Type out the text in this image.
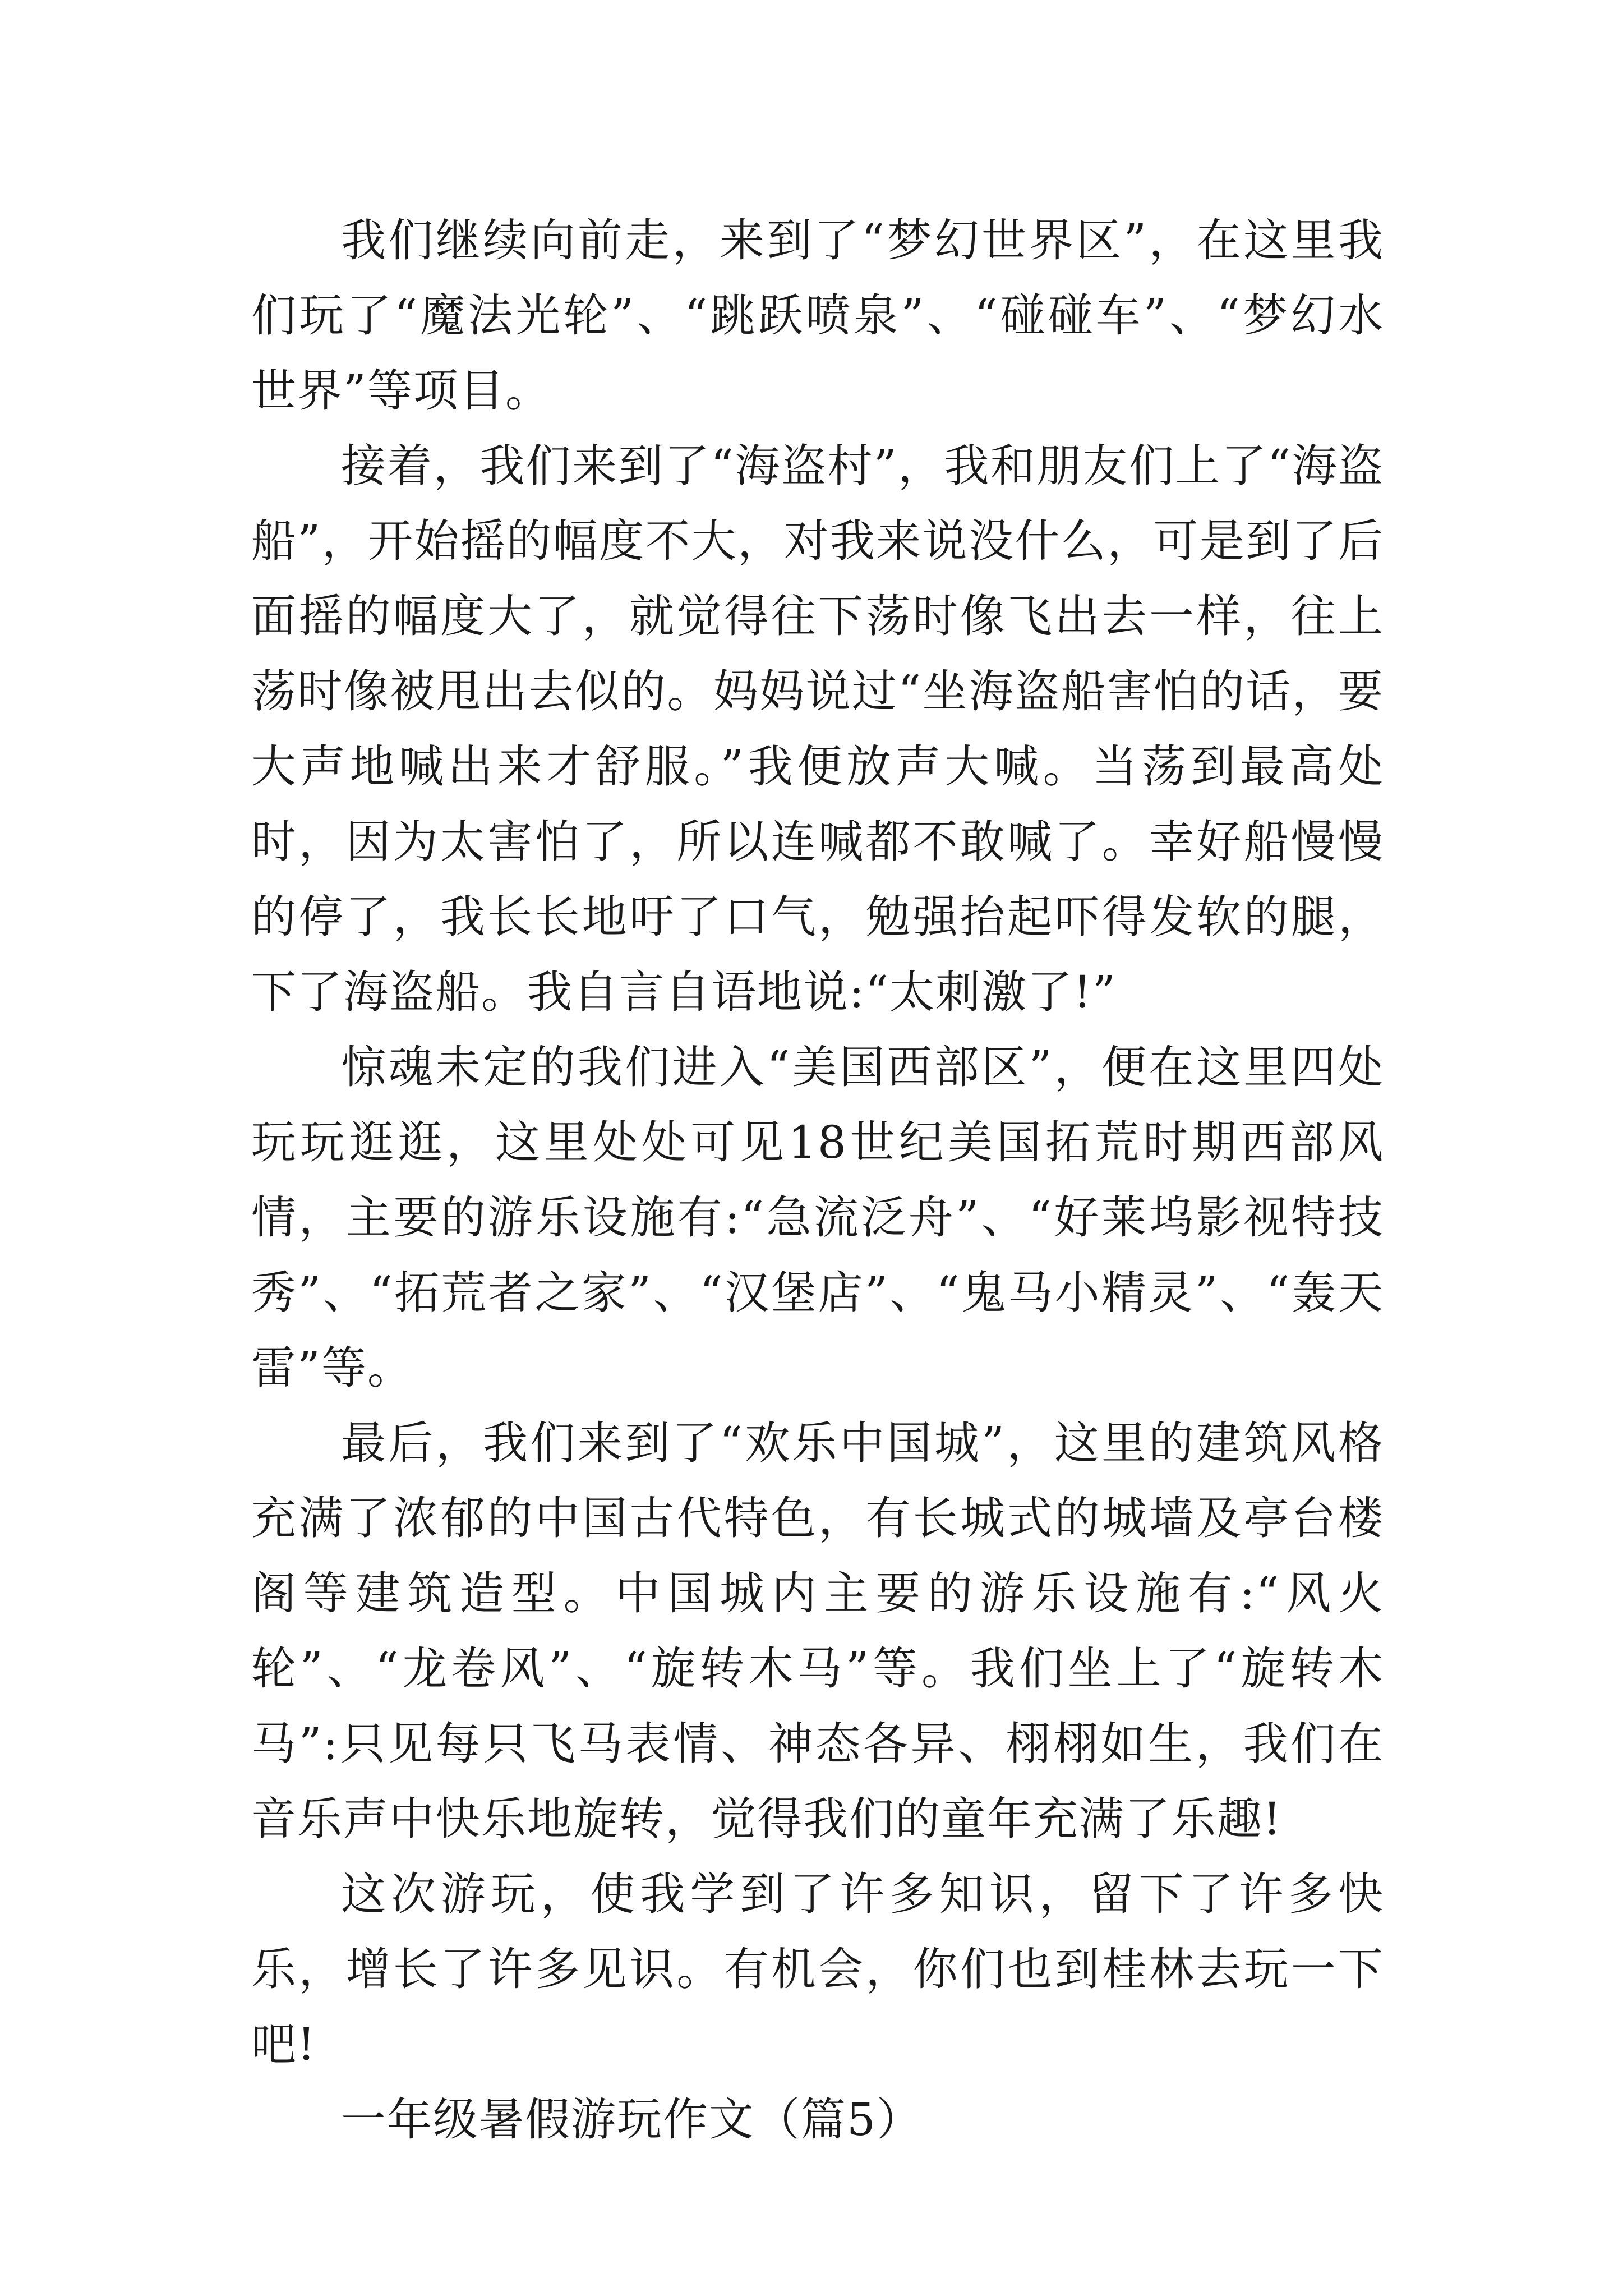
我们继续向前走，来到了“梦幻世界区”，在这里我们玩了“魔法光轮”、“跳跃喷泉”、“碰碰车”、“梦幻水世界”等项目。

接着，我们来到了“海盗村”，我和朋友们上了“海盗船”，开始摇的幅度不大，对我来说没什么，可是到了后面摇的幅度大了，就觉得往下荡时像飞出去一样，往上荡时像被甩出去似的。妈妈说过“坐海盗船害怕的话，要大声地喊出来才舒服。”我便放声大喊。当荡到最高处时，因为太害怕了，所以连喊都不敢喊了。幸好船慢慢的停了，我长长地吁了口气，勉强抬起吓得发软的腿，下了海盗船。我自言自语地说:“太刺激了!”

惊魂未定的我们进入“美国西部区”，便在这里四处玩玩逛逛，这里处处可见18世纪美国拓荒时期西部风情，主要的游乐设施有:“急流泛舟”、“好莱坞影视特技秀”、“拓荒者之家”、“汉堡店”、“鬼马小精灵”、“轰天雷”等。

最后，我们来到了“欢乐中国城”，这里的建筑风格充满了浓郁的中国古代特色，有长城式的城墙及亭台楼阁等建筑造型。中国城内主要的游乐设施有:“风火轮”、“龙卷风”、“旋转木马”等。我们坐上了“旋转木马”:只见每只飞马表情、神态各异、栩栩如生，我们在音乐声中快乐地旋转，觉得我们的童年充满了乐趣!

这次游玩，使我学到了许多知识，留下了许多快乐，增长了许多见识。有机会，你们也到桂林去玩一下吧!

一年级暑假游玩作文（篇5）
